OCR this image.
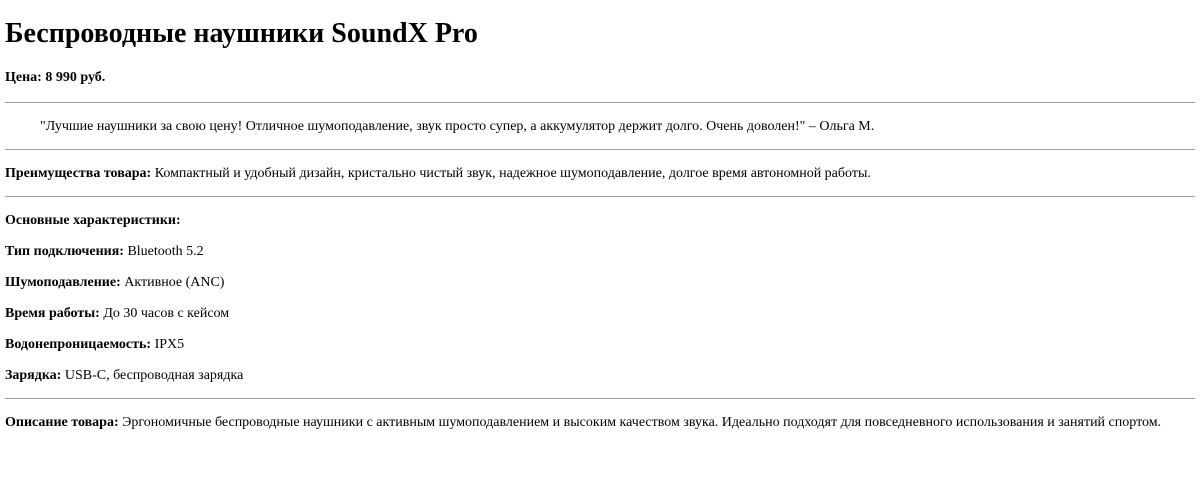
Беспроводные наушники SoundX Pro

Цена: 8 990 руб.

"Лучшие наушники за свою цену! Отличное шумоподавление, звук просто супер, а аккумулятор держит долго. Очень доволен!" – Ольга М.

Преимущества товара: Компактный и удобный дизайн, кристально чистый звук, надежное шумоподавление, долгое время автономной работы.

Основные характеристики:

Тип подключения: Bluetooth 5.2

Шумоподавление: Активное (ANC)

Время работы: До 30 часов с кейсом

Водонепроницаемость: IPX5

Зарядка: USB-C, беспроводная зарядка

Описание товара: Эргономичные беспроводные наушники с активным шумоподавлением и высоким качеством звука. Идеально подходят для повседневного использования и занятий спортом.
